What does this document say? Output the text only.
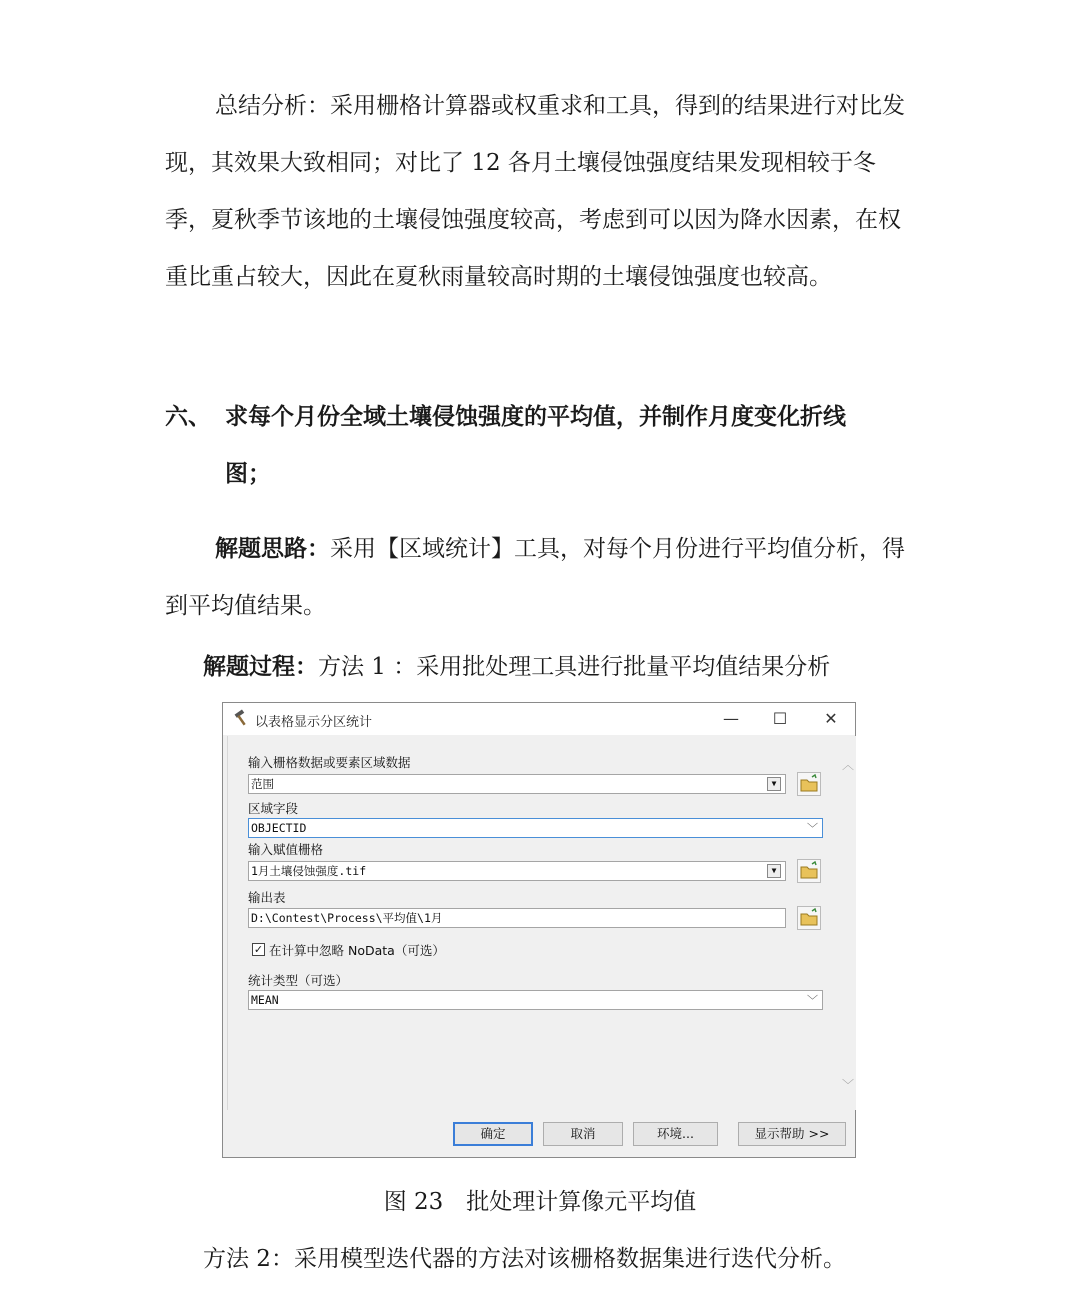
总结分析：采用栅格计算器或权重求和工具，得到的结果进行对比发现，其效果大致相同；对比了 12 各月土壤侵蚀强度结果发现相较于冬季，夏秋季节该地的土壤侵蚀强度较高，考虑到可以因为降水因素，在权重比重占较大，因此在夏秋雨量较高时期的土壤侵蚀强度也较高。

六、 求每个月份全域土壤侵蚀强度的平均值，并制作月度变化折线
图；

解题思路：采用【区域统计】工具，对每个月份进行平均值分析，得到平均值结果。

解题过程：方法 1 ：采用批处理工具进行批量平均值结果分析
以表格显示分区统计	—	☐	✕
输入栅格数据或要素区域数据
范围	▼
区域字段
OBJECTID	﹀
输入赋值栅格
1月土壤侵蚀强度.tif	▼
输出表
D:\Contest\Process\平均值\1月
✓ 在计算中忽略 NoData（可选）
统计类型（可选）
MEAN	﹀
︿
﹀
确定	取消	环境...	显示帮助 >>
图 23　批处理计算像元平均值
方法 2：采用模型迭代器的方法对该栅格数据集进行迭代分析。
